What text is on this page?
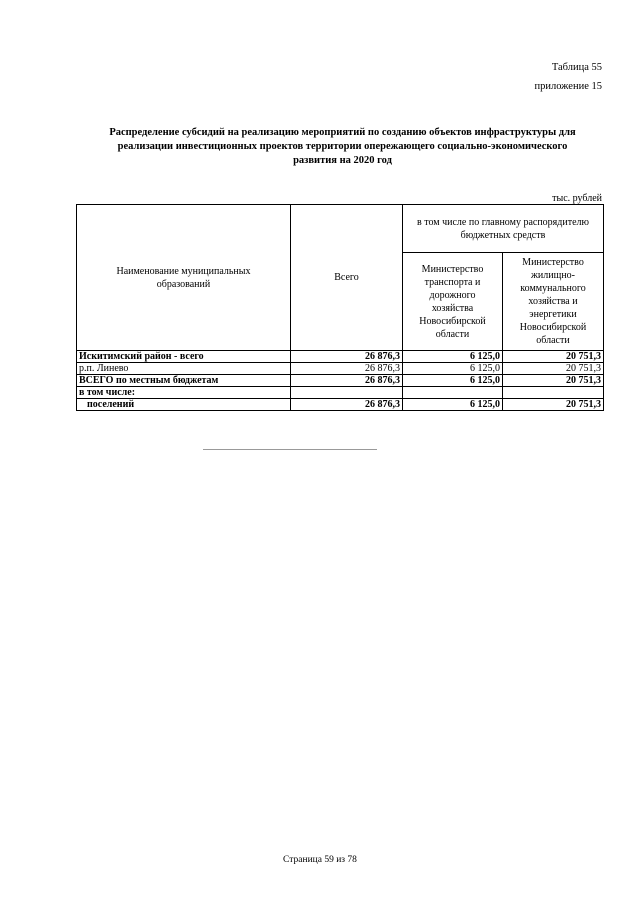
Таблица 55
приложение 15
Распределение субсидий на реализацию мероприятий по созданию объектов инфраструктуры для
реализации инвестиционных проектов территории опережающего социально-экономического
развития на 2020 год
тыс. рублей
Наименование муниципальных образований	Всего	в том числе по главному распорядителю бюджетных средств	
		Министерство транспорта и дорожного хозяйства Новосибирской области	Министерство жилищно-коммунального хозяйства и энергетики Новосибирской области
Искитимский район - всего	26 876,3	6 125,0	20 751,3
р.п. Линево	26 876,3	6 125,0	20 751,3
ВСЕГО по местным бюджетам	26 876,3	6 125,0	20 751,3
в том числе:			
поселений	26 876,3	6 125,0	20 751,3
Страница 59 из 78
